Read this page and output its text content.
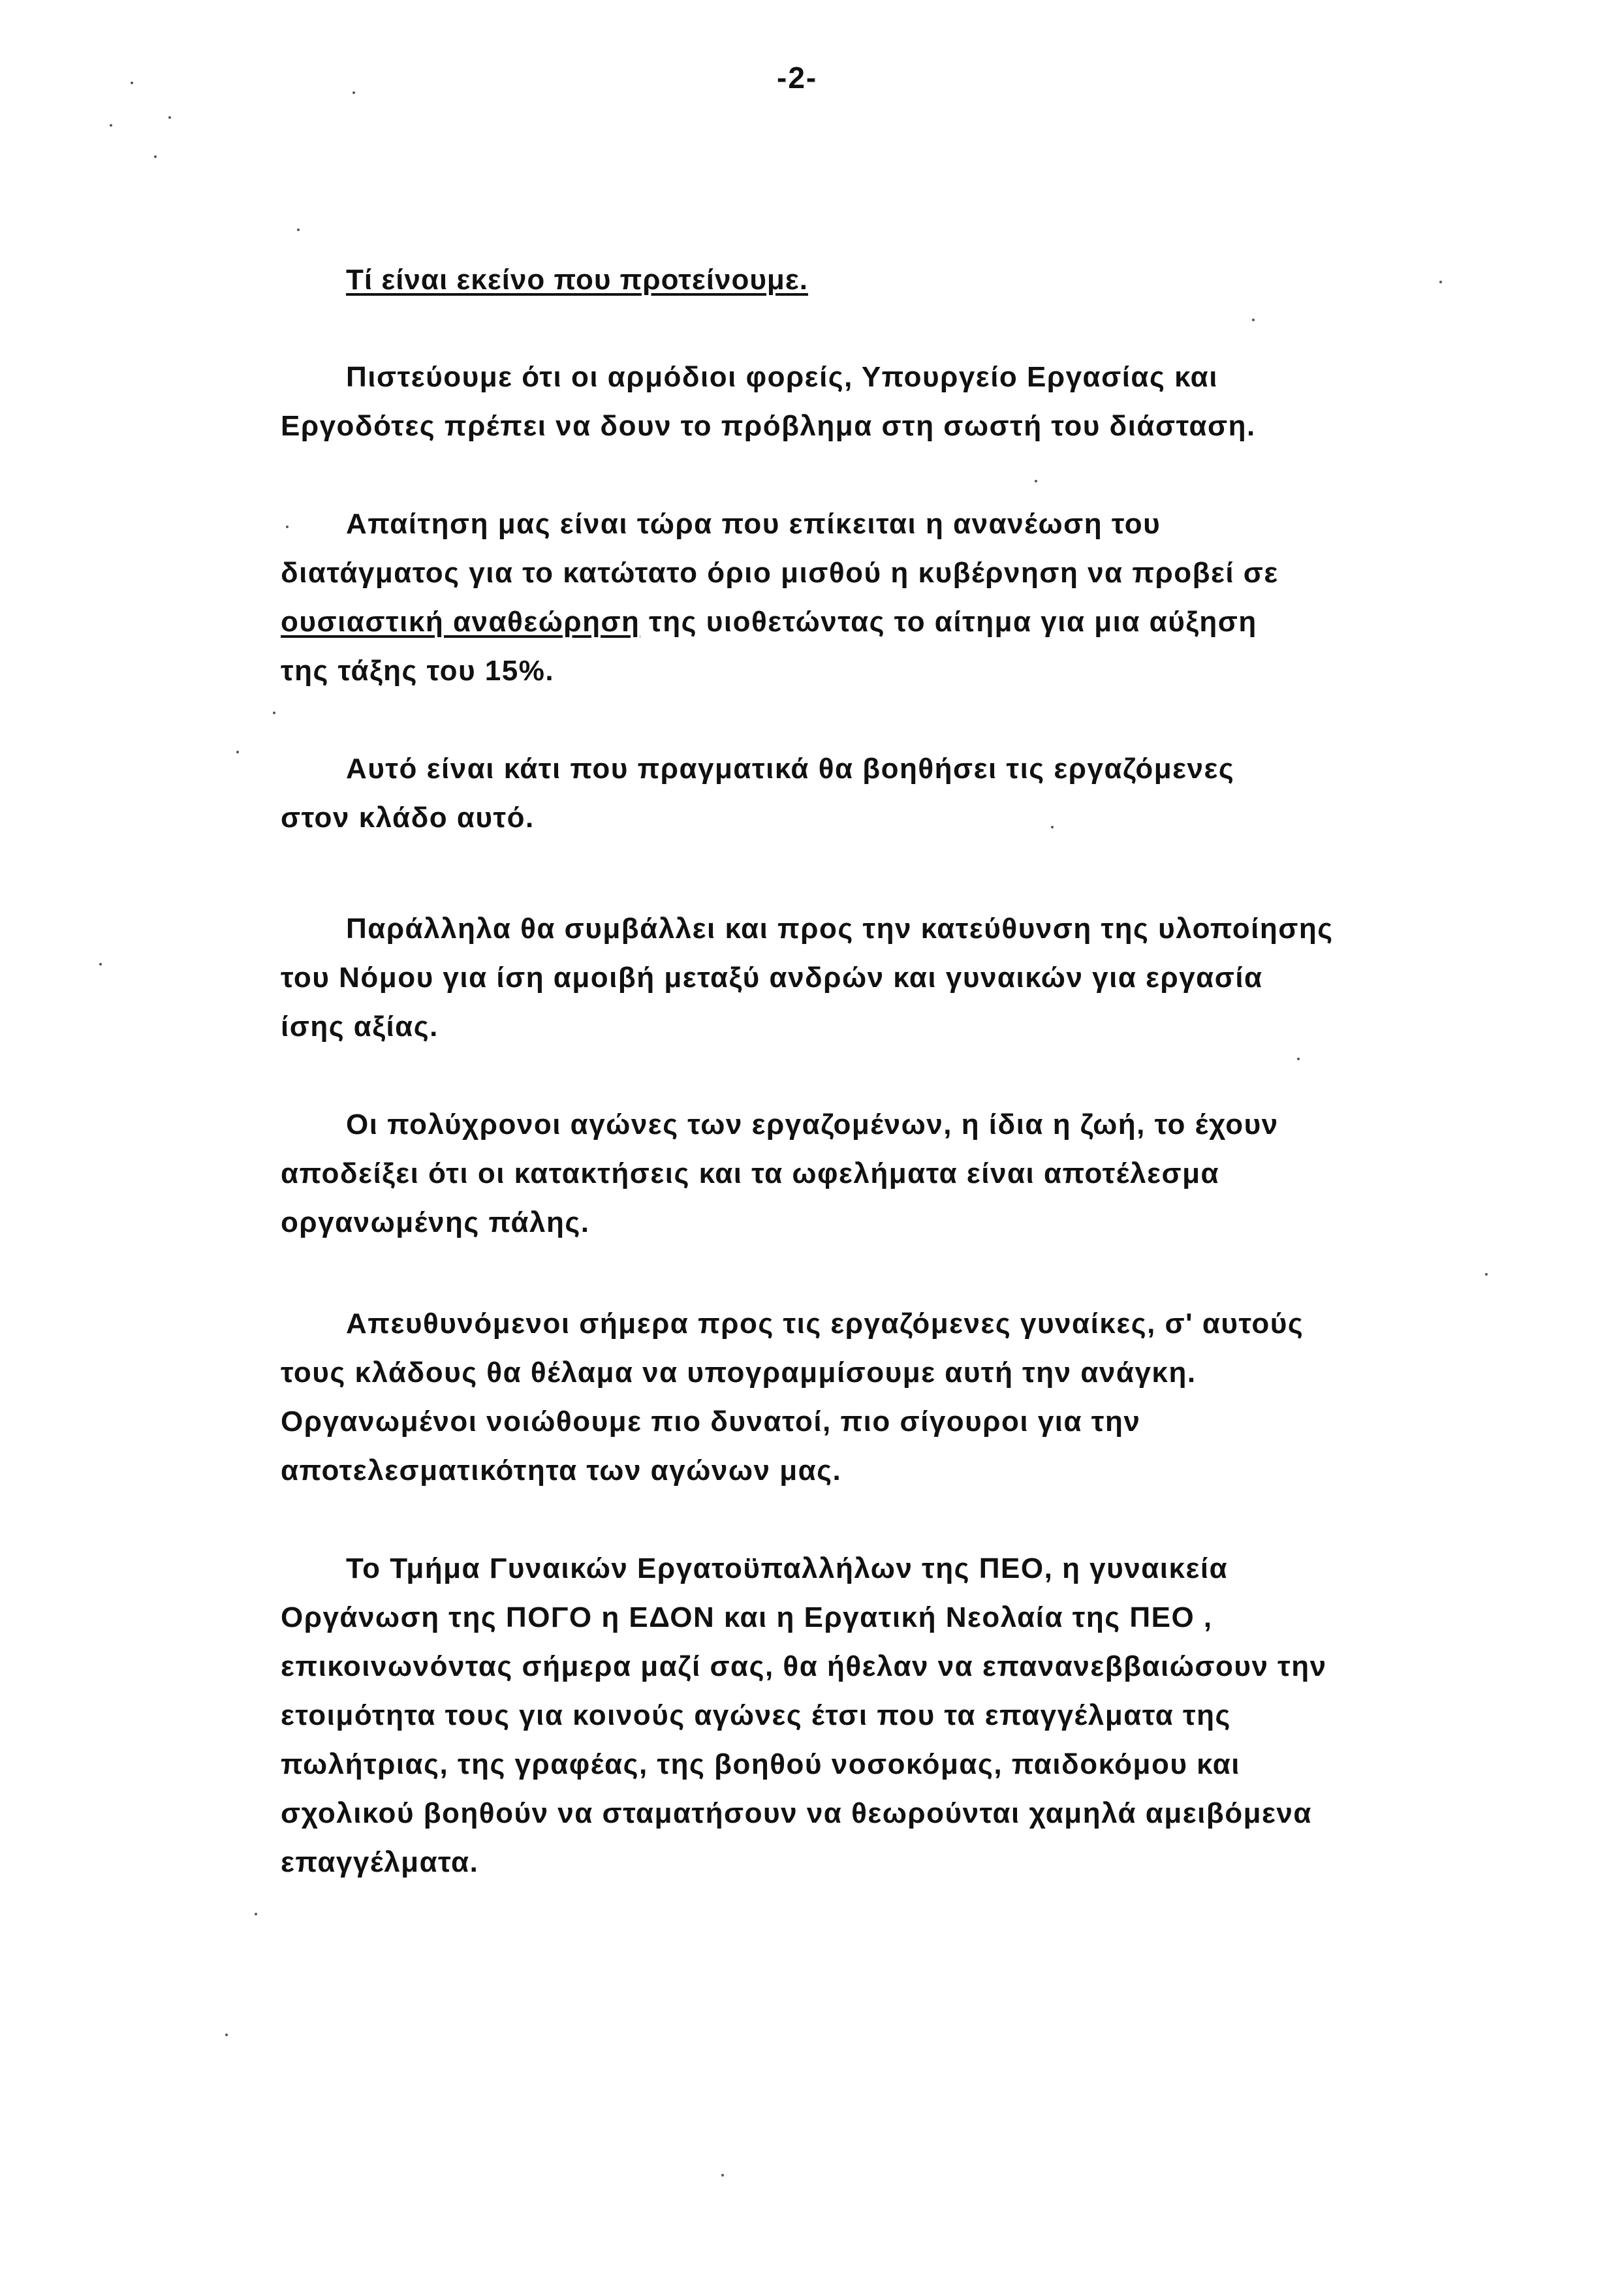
-2-
Τί είναι εκείνο που προτείνουμε.
Πιστεύουμε ότι οι αρμόδιοι φορείς, Υπουργείο Εργασίας και
Εργοδότες πρέπει να δουν το πρόβλημα στη σωστή του διάσταση.
Απαίτηση μας είναι τώρα που επίκειται η ανανέωση του
διατάγματος για το κατώτατο όριο μισθού η κυβέρνηση να προβεί σε
ουσιαστική αναθεώρηση της υιοθετώντας το αίτημα για μια αύξηση
της τάξης του 15%.
Αυτό είναι κάτι που πραγματικά θα βοηθήσει τις εργαζόμενες
στον κλάδο αυτό.
Παράλληλα θα συμβάλλει και προς την κατεύθυνση της υλοποίησης
του Νόμου για ίση αμοιβή μεταξύ ανδρών και γυναικών για εργασία
ίσης αξίας.
Οι πολύχρονοι αγώνες των εργαζομένων, η ίδια η ζωή, το έχουν
αποδείξει ότι οι κατακτήσεις και τα ωφελήματα είναι αποτέλεσμα
οργανωμένης πάλης.
Απευθυνόμενοι σήμερα προς τις εργαζόμενες γυναίκες, σ' αυτούς
τους κλάδους θα θέλαμα να υπογραμμίσουμε αυτή την ανάγκη.
Οργανωμένοι νοιώθουμε πιο δυνατοί, πιο σίγουροι για την
αποτελεσματικότητα των αγώνων μας.
Το Τμήμα Γυναικών Εργατοϋπαλλήλων της ΠΕΟ, η γυναικεία
Οργάνωση της ΠΟΓΟ η ΕΔΟΝ και η Εργατική Νεολαία της ΠΕΟ ,
επικοινωνόντας σήμερα μαζί σας, θα ήθελαν να επανανεββαιώσουν την
ετοιμότητα τους για κοινούς αγώνες έτσι που τα επαγγέλματα της
πωλήτριας, της γραφέας, της βοηθού νοσοκόμας, παιδοκόμου και
σχολικού βοηθούν να σταματήσουν να θεωρούνται χαμηλά αμειβόμενα
επαγγέλματα.
